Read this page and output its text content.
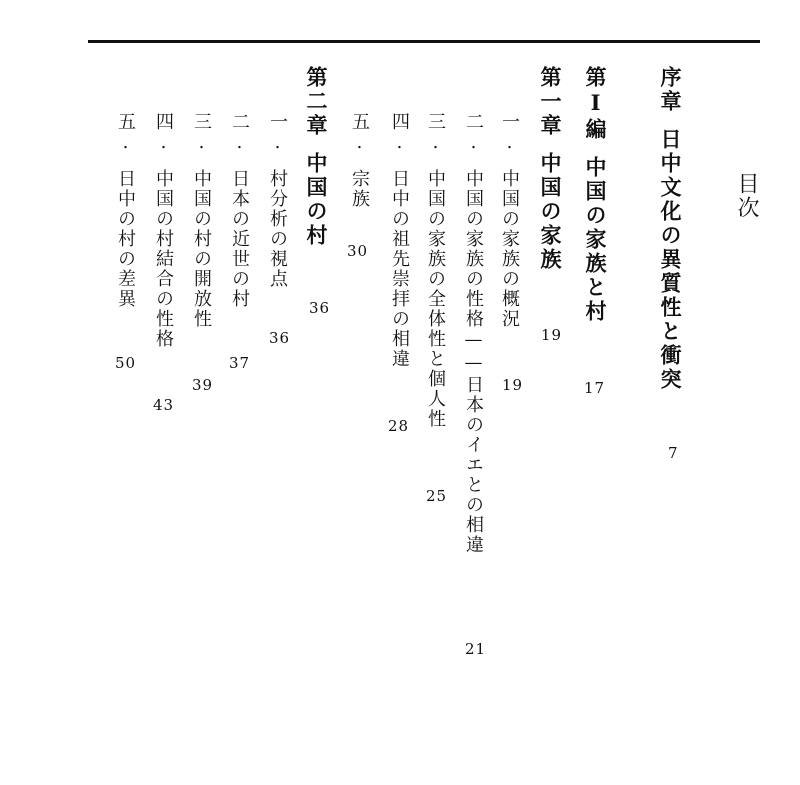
目次
序章日中文化の異質性と衝突
7
第Ⅰ編中国の家族と村
17
第一章中国の家族
19
一.中国の家族の概況
19
二.中国の家族の性格——日本のイエとの相違
21
三.中国の家族の全体性と個人性
25
四.日中の祖先崇拝の相違
28
五.宗族
30
第二章中国の村
36
一.村分析の視点
36
二.日本の近世の村
37
三.中国の村の開放性
39
四.中国の村結合の性格
43
五.日中の村の差異
50
